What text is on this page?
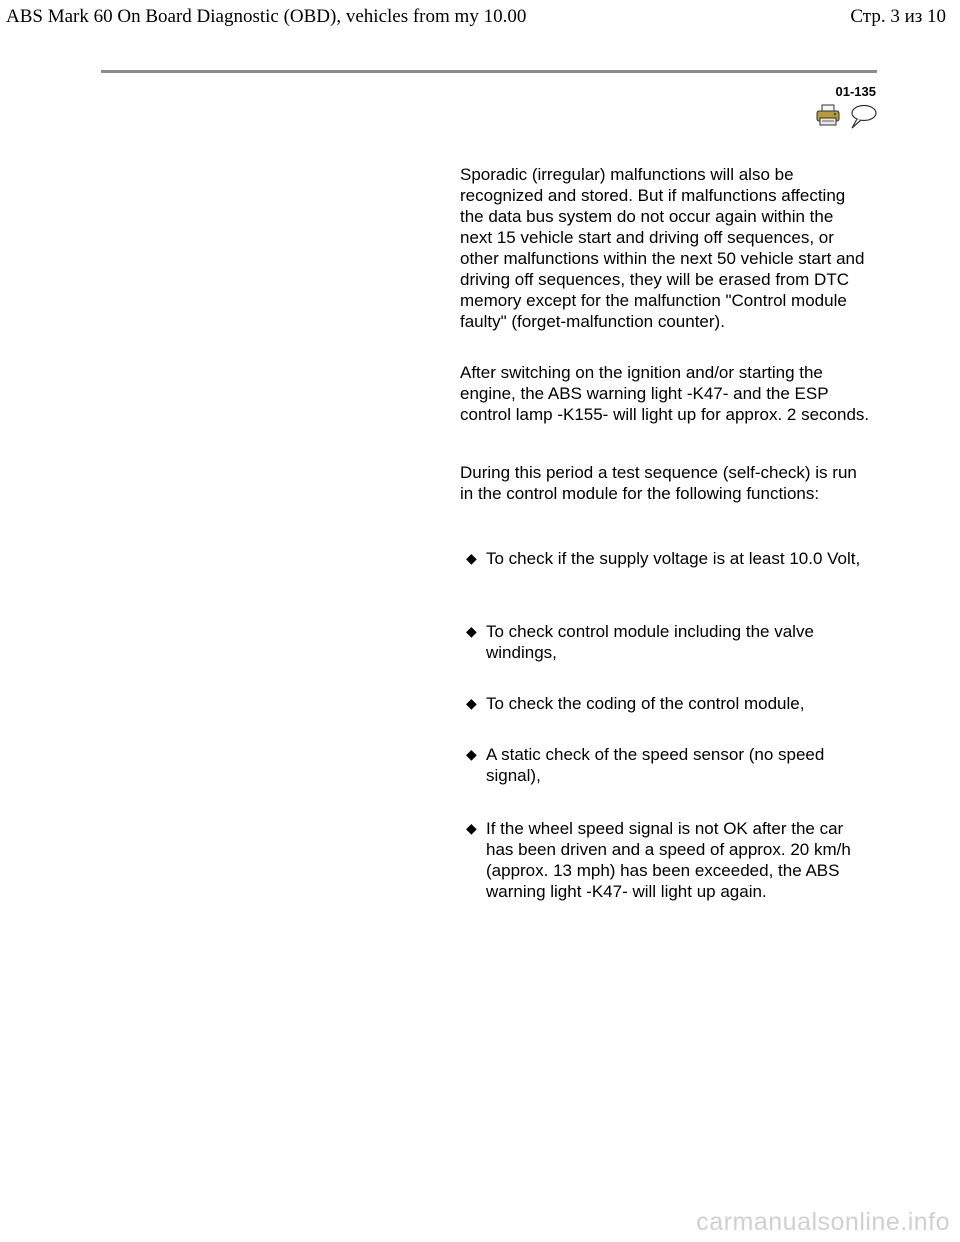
ABS Mark 60 On Board Diagnostic (OBD), vehicles from my 10.00	Стр. 3 из 10
01-135
Sporadic (irregular) malfunctions will also be recognized and stored. But if malfunctions affecting the data bus system do not occur again within the next 15 vehicle start and driving off sequences, or other malfunctions within the next 50 vehicle start and driving off sequences, they will be erased from DTC memory except for the malfunction "Control module faulty" (forget-malfunction counter).
After switching on the ignition and/or starting the engine, the ABS warning light -K47- and the ESP control lamp -K155- will light up for approx. 2 seconds.
During this period a test sequence (self-check) is run in the control module for the following functions:
◆ To check if the supply voltage is at least 10.0 Volt,
◆ To check control module including the valve windings,
◆ To check the coding of the control module,
◆ A static check of the speed sensor (no speed signal),
◆ If the wheel speed signal is not OK after the car has been driven and a speed of approx. 20 km/h (approx. 13 mph) has been exceeded, the ABS warning light -K47- will light up again.
carmanualsonline.info
